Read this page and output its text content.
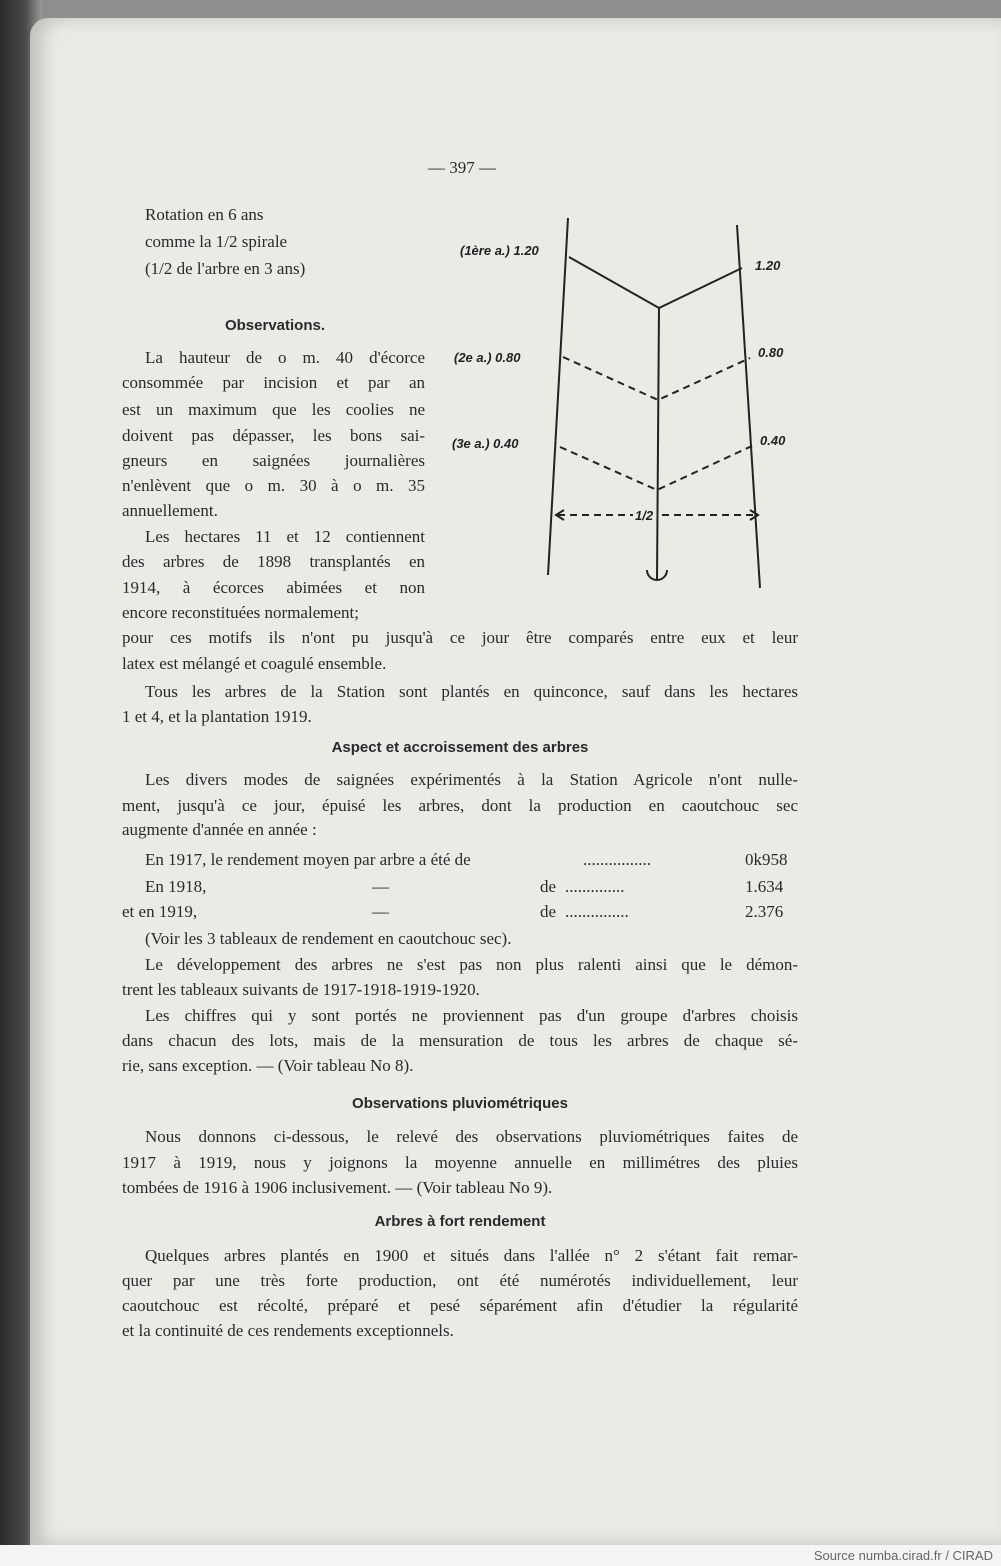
— 397 —
Rotation en 6 ans
comme la 1/2 spirale
(1/2 de l'arbre en 3 ans)
(1ère a.) 1.20
1.20
(2e a.) 0.80	0.80
(3e a.) 0.40	0.40
1/2
Observations.
La hauteur de o m. 40 d'écorce
consommée par incision et par an
est un maximum que les coolies ne
doivent pas dépasser, les bons sai-
gneurs en saignées journalières
n'enlèvent que o m. 30 à o m. 35
annuellement.
Les hectares 11 et 12 contiennent
des arbres de 1898 transplantés en
1914, à écorces abimées et non
encore reconstituées normalement;
pour ces motifs ils n'ont pu jusqu'à ce jour être comparés entre eux et leur
latex est mélangé et coagulé ensemble.
Tous les arbres de la Station sont plantés en quinconce, sauf dans les hectares
1 et 4, et la plantation 1919.
Aspect et accroissement des arbres
Les divers modes de saignées expérimentés à la Station Agricole n'ont nulle-
ment, jusqu'à ce jour, épuisé les arbres, dont la production en caoutchouc sec
augmente d'année en année :
En 1917, le rendement moyen par arbre a été de	................	0k958
En 1918,	—	de ..............	1.634
et en 1919,	—	de ...............	2.376
(Voir les 3 tableaux de rendement en caoutchouc sec).
Le développement des arbres ne s'est pas non plus ralenti ainsi que le démon-
trent les tableaux suivants de 1917-1918-1919-1920.
Les chiffres qui y sont portés ne proviennent pas d'un groupe d'arbres choisis
dans chacun des lots, mais de la mensuration de tous les arbres de chaque sé-
rie, sans exception. — (Voir tableau No 8).
Observations pluviométriques
Nous donnons ci-dessous, le relevé des observations pluviométriques faites de
1917 à 1919, nous y joignons la moyenne annuelle en millimétres des pluies
tombées de 1916 à 1906 inclusivement. — (Voir tableau No 9).
Arbres à fort rendement
Quelques arbres plantés en 1900 et situés dans l'allée n° 2 s'étant fait remar-
quer par une très forte production, ont été numérotés individuellement, leur
caoutchouc est récolté, préparé et pesé séparément afin d'étudier la régularité
et la continuité de ces rendements exceptionnels.
Source numba.cirad.fr / CIRAD
